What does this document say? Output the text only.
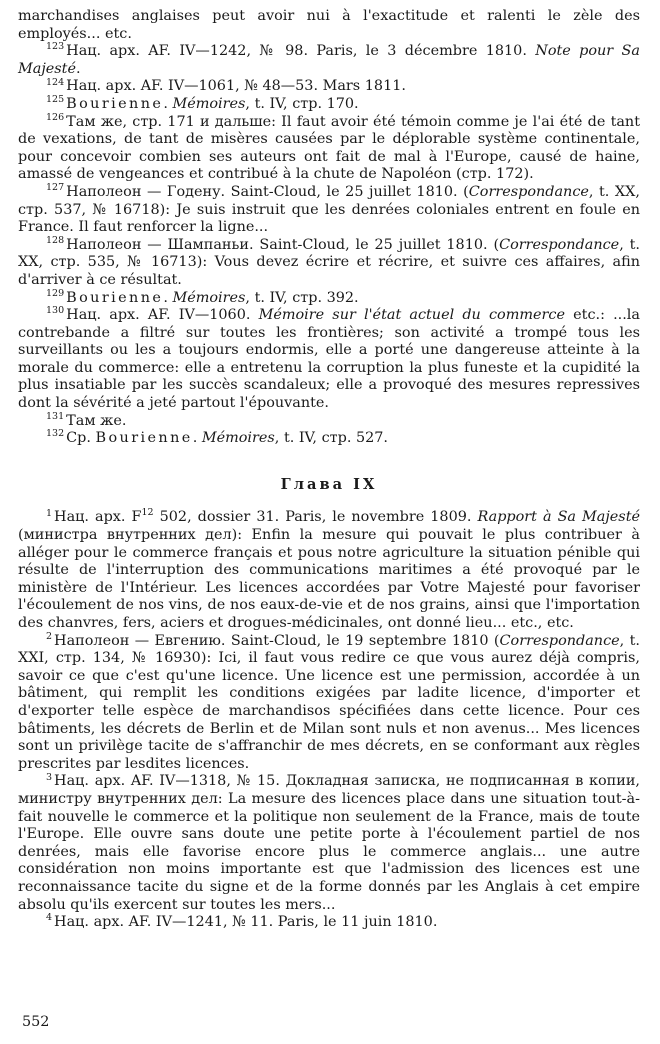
marchandises anglaises peut avoir nui à l'exactitude et ralenti le zèle des employés... etc.

$^{123}$ Нац. арх. AF. IV—1242, № 98. Paris, le 3 décembre 1810. Note pour Sa Majesté.

$^{124}$ Нац. арх. AF. IV—1061, № 48—53. Mars 1811.

$^{125}$ Bourienne. Mémoires, t. IV, стр. 170.

$^{126}$ Там же, стр. 171 и дальше: Il faut avoir été témoin comme je l'ai été de tant de vexations, de tant de misères causées par le déplorable système continentale, pour concevoir combien ses auteurs ont fait de mal à l'Europe, causé de haine, amassé de vengeances et contribué à la chute de Napoléon (стр. 172).

$^{127}$ Наполеон — Годену. Saint-Cloud, le 25 juillet 1810. (Correspondance, t. XX, стр. 537, № 16718): Je suis instruit que les denrées coloniales entrent en foule en France. Il faut renforcer la ligne...

$^{128}$ Наполеон — Шампаньи. Saint-Cloud, le 25 juillet 1810. (Correspondance, t. XX, стр. 535, № 16713): Vous devez écrire et récrire, et suivre ces affaires, afin d'arriver à ce résultat.

$^{129}$ Bourienne. Mémoires, t. IV, стр. 392.

$^{130}$ Нац. арх. AF. IV—1060. Mémoire sur l'état actuel du commerce etc.: ...la contrebande a filtré sur toutes les frontières; son activité a trompé tous les surveillants ou les a toujours endormis, elle a porté une dangereuse atteinte à la morale du commerce: elle a entretenu la corruption la plus funeste et la cupidité la plus insatiable par les succès scandaleux; elle a provoqué des mesures repressives dont la sévérité a jeté partout l'épouvante.

$^{131}$ Там же.

$^{132}$ Ср. Bourienne. Mémoires, t. IV, стр. 527.

Глава IX

$^1$ Нац. арх. $F^{12}$ 502, dossier 31. Paris, le novembre 1809. Rapport à Sa Majesté (министра внутренних дел): Enfin la mesure qui pouvait le plus contribuer à alléger pour le commerce français et pous notre agriculture la situation pénible qui résulte de l'interruption des communications maritimes a été provoqué par le ministère de l'Intérieur. Les licences accordées par Votre Majesté pour favoriser l'écoulement de nos vins, de nos eaux-de-vie et de nos grains, ainsi que l'importation des chanvres, fers, aciers et drogues-médicinales, ont donné lieu... etc., etc.

$^2$ Наполеон — Евгению. Saint-Cloud, le 19 septembre 1810 (Correspondance, t. XXI, стр. 134, № 16930): Ici, il faut vous redire ce que vous aurez déjà compris, savoir ce que c'est qu'une licence. Une licence est une permission, accordée à un bâtiment, qui remplit les conditions exigées par ladite licence, d'importer et d'exporter telle espèce de marchandisos spécifiées dans cette licence. Pour ces bâtiments, les décrets de Berlin et de Milan sont nuls et non avenus... Mes licences sont un privilège tacite de s'affranchir de mes décrets, en se conformant aux règles prescrites par lesdites licences.

$^3$ Нац. арх. AF. IV—1318, № 15. Докладная записка, не подписанная в копии, министру внутренних дел: La mesure des licences place dans une situation tout-à-fait nouvelle le commerce et la politique non seulement de la France, mais de toute l'Europe. Elle ouvre sans doute une petite porte à l'écoulement partiel de nos denrées, mais elle favorise encore plus le commerce anglais... une autre considération non moins importante est que l'admission des licences est une reconnaissance tacite du signe et de la forme donnés par les Anglais à cet empire absolu qu'ils exercent sur toutes les mers...

$^4$ Нац. арх. AF. IV—1241, № 11. Paris, le 11 juin 1810.

552
